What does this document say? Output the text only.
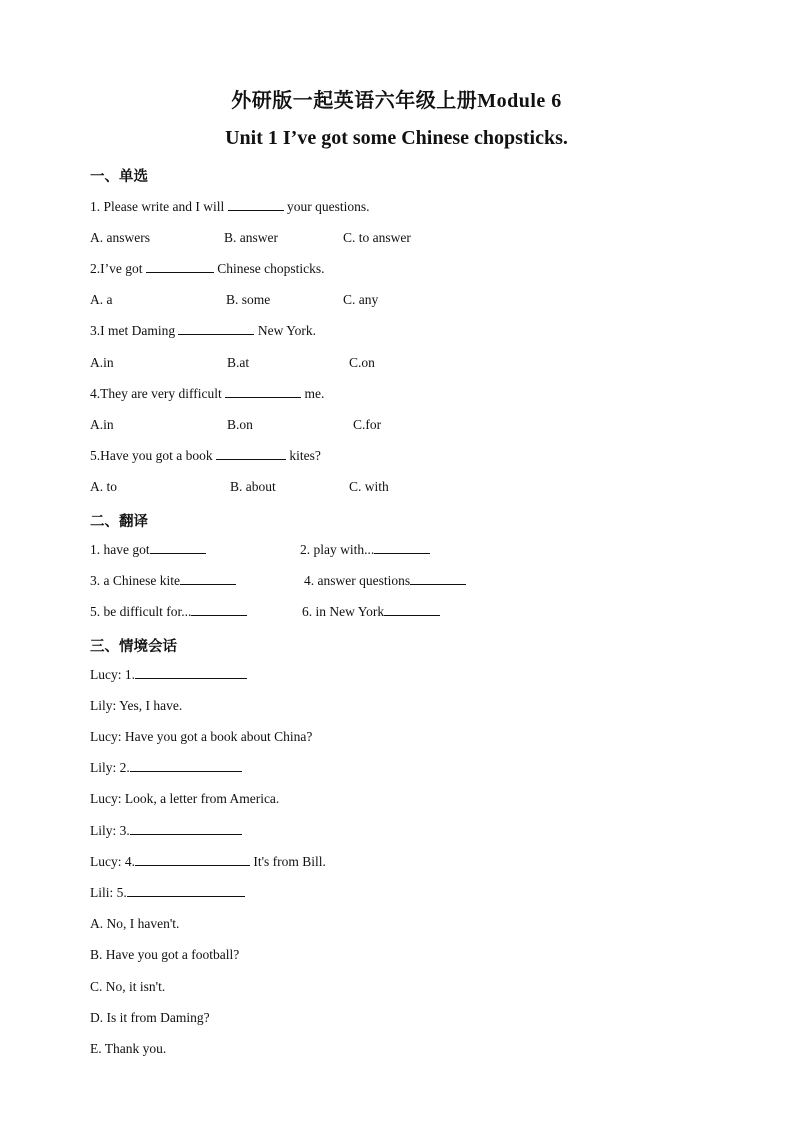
外研版一起英语六年级上册Module 6
Unit 1 I’ve got some Chinese chopsticks.
一、单选
1. Please write and I will	your questions.
A. answers	B. answer	C. to answer
2.I’ve got	Chinese chopsticks.
A. a	B. some	C. any
3.I met Daming	New York.
A.in	B.at	C.on
4.They are very difficult	me.
A.in	B.on	C.for
5.Have you got a book	kites?
A. to	B. about	C. with
二、翻译
1. have got	2. play with...
3. a Chinese kite	4. answer questions
5. be difficult for...	6. in New York
三、情境会话
Lucy: 1.
Lily: Yes, I have.
Lucy: Have you got a book about China?
Lily: 2.
Lucy: Look, a letter from America.
Lily: 3.
Lucy: 4.	It's from Bill.
Lili: 5.
A. No, I haven't.
B. Have you got a football?
C. No, it isn't.
D. Is it from Daming?
E. Thank you.
